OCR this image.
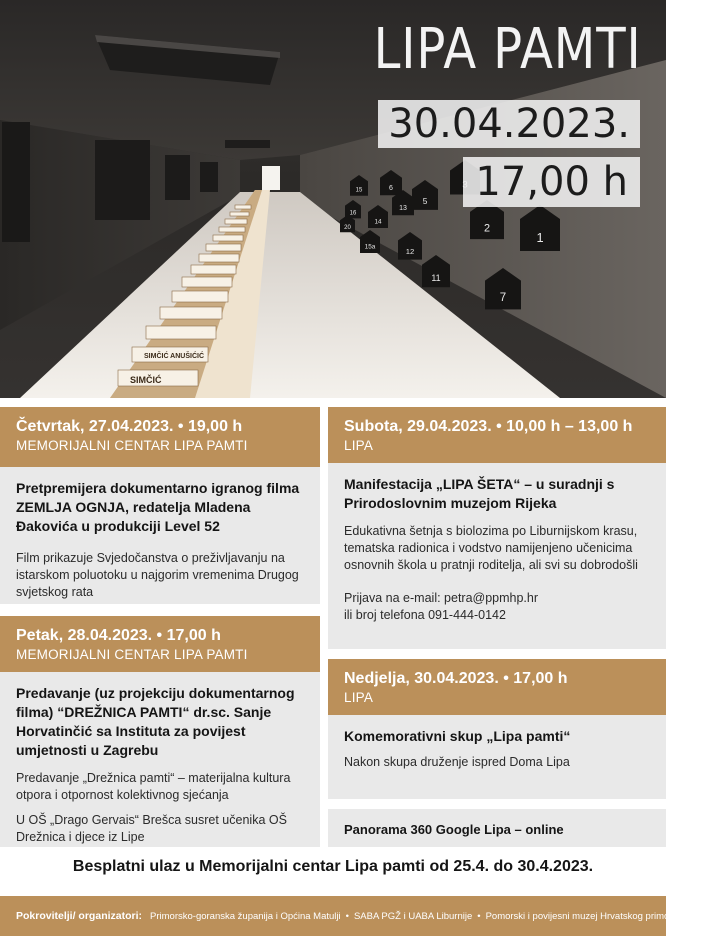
SIMČIĆ
SIMČIĆ ANUŠIĆIĆ
1
2
5
6
7
11
12
13
14
15
15a
16
20
LIPA PAMTI
30.04.2023.
17,00 h
Četvrtak, 27.04.2023. • 19,00 h
MEMORIJALNI CENTAR LIPA PAMTI
Pretpremijera dokumentarno igranog filma ZEMLJA OGNJA, redatelja Mladena Đakovića u produkciji Level 52

Film prikazuje Svjedočanstva o preživljavanju na istarskom poluotoku u najgorim vremenima Drugog svjetskog rata

Petak, 28.04.2023. • 17,00 h
MEMORIJALNI CENTAR LIPA PAMTI
Predavanje (uz projekciju dokumentarnog filma) “DREŽNICA PAMTI“ dr.sc. Sanje Horvatinčić sa Instituta za povijest umjetnosti u Zagrebu

Predavanje „Drežnica pamti“ – materijalna kultura otpora i otpornost kolektivnog sjećanja

U OŠ „Drago Gervais“ Brešca susret učenika OŠ Drežnica i djece iz Lipe

Subota, 29.04.2023. • 10,00 h – 13,00 h
LIPA
Manifestacija „LIPA ŠETA“ – u suradnji s Prirodoslovnim muzejom Rijeka

Edukativna šetnja s biolozima po Liburnijskom krasu, tematska radionica i vodstvo namijenjeno učenicima osnovnih škola u pratnji roditelja, ali svi su dobrodošli

Prijava na e-mail: petra@ppmhp.hr

ili broj telefona 091-444-0142

Nedjelja, 30.04.2023. • 17,00 h
LIPA
Komemorativni skup „Lipa pamti“

Nakon skupa druženje ispred Doma Lipa

Panorama 360 Google Lipa – online
Besplatni ulaz u Memorijalni centar Lipa pamti od 25.4. do 30.4.2023.
Pokrovitelji/ organizatori: Primorsko-goranska županija i Općina Matulji • SABA PGŽ i UABA Liburnije • Pomorski i povijesni muzej Hrvatskog primorja Rijeka
